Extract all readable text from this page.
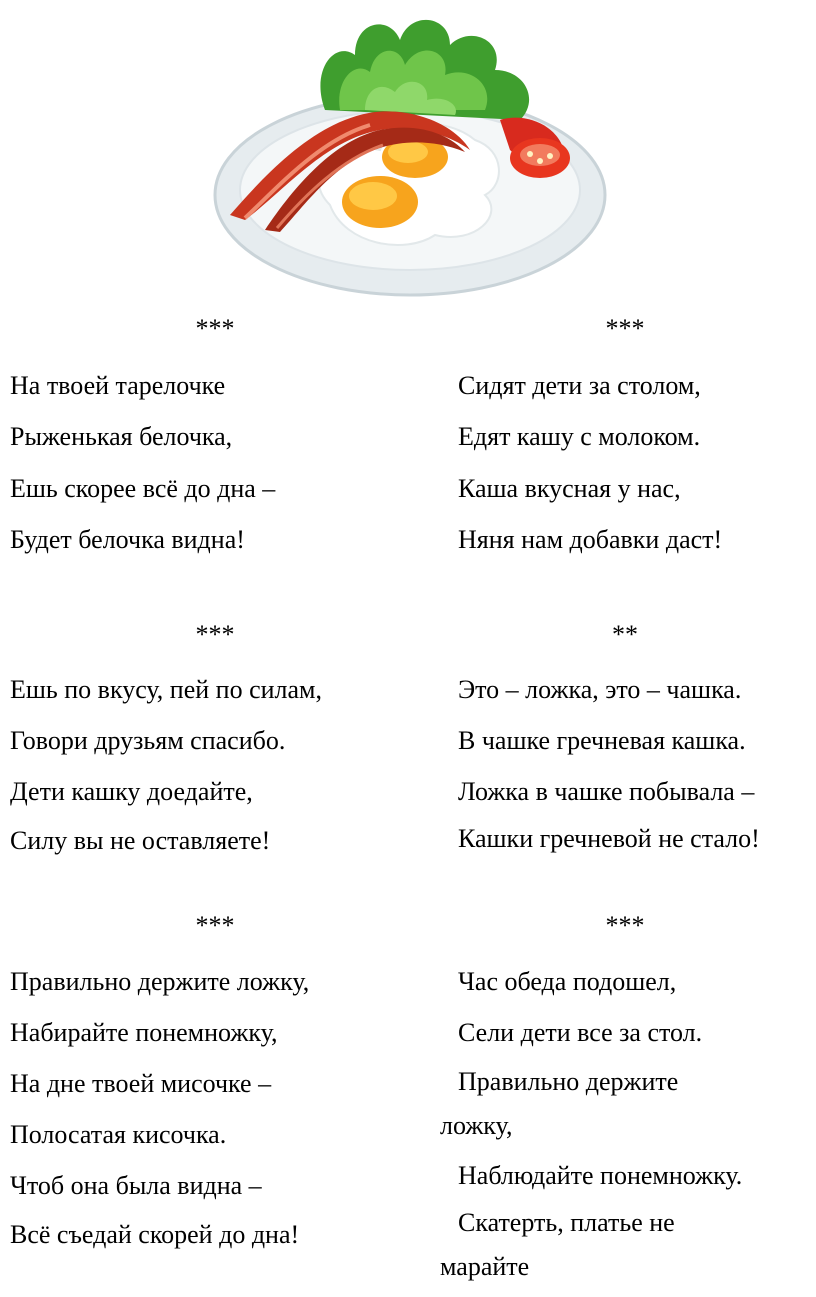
***
На твоей тарелочке
Рыженькая белочка,
Ешь скорее всё до дна –
Будет белочка видна!
***
Ешь по вкусу, пей по силам,
Говори друзьям спасибо.
Дети кашку доедайте,
Силу вы не оставляете!
***
Правильно держите ложку,
Набирайте понемножку,
На дне твоей мисочке –
Полосатая кисочка.
Чтоб она была видна –
Всё съедай скорей до дна!
***
Сидят дети за столом,
Едят кашу с молоком.
Каша вкусная у нас,
Няня нам добавки даст!
**
Это – ложка, это – чашка.
В чашке гречневая кашка.
Ложка в чашке побывала –
Кашки гречневой не стало!
***
Час обеда подошел,
Сели дети все за стол.
Правильно держите ложку,
Наблюдайте понемножку.
Скатерть, платье не марайте
